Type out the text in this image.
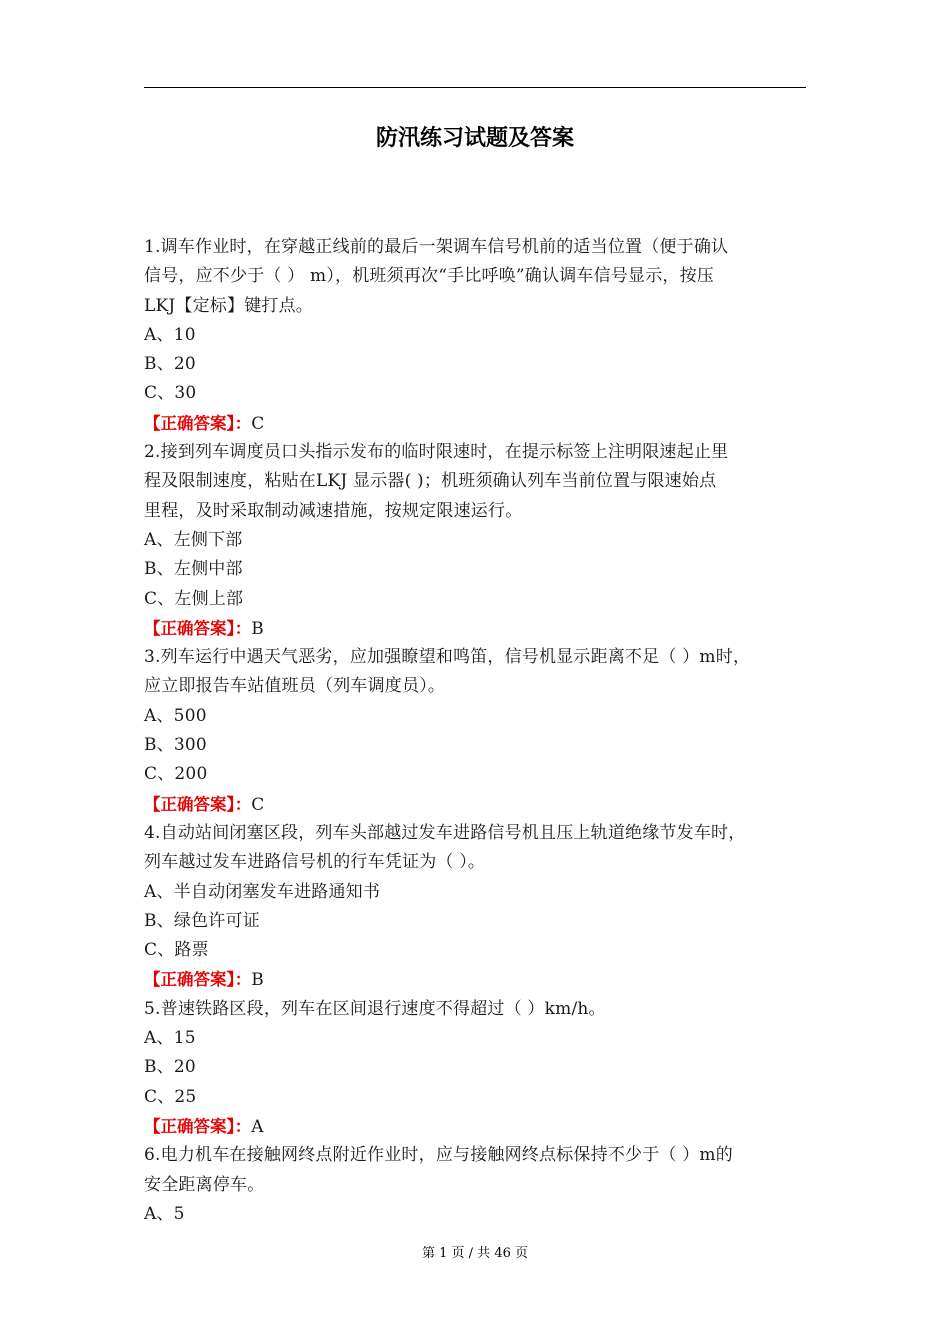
防汛练习试题及答案
1.调车作业时，在穿越正线前的最后一架调车信号机前的适当位置（便于确认
信号，应不少于（ ） m），机班须再次“手比呼唤”确认调车信号显示，按压
LKJ【定标】键打点。
A、10
B、20
C、30
【正确答案】：C
2.接到列车调度员口头指示发布的临时限速时，在提示标签上注明限速起止里
程及限制速度，粘贴在LKJ 显示器( )；机班须确认列车当前位置与限速始点
里程，及时采取制动减速措施，按规定限速运行。
A、左侧下部
B、左侧中部
C、左侧上部
【正确答案】：B
3.列车运行中遇天气恶劣，应加强瞭望和鸣笛，信号机显示距离不足（ ）m时，
应立即报告车站值班员（列车调度员）。
A、500
B、300
C、200
【正确答案】：C
4.自动站间闭塞区段，列车头部越过发车进路信号机且压上轨道绝缘节发车时，
列车越过发车进路信号机的行车凭证为（ ）。
A、半自动闭塞发车进路通知书
B、绿色许可证
C、路票
【正确答案】：B
5.普速铁路区段，列车在区间退行速度不得超过（ ）km/h。
A、15
B、20
C、25
【正确答案】：A
6.电力机车在接触网终点附近作业时，应与接触网终点标保持不少于（ ）m的
安全距离停车。
A、5
第 1 页 / 共 46 页
